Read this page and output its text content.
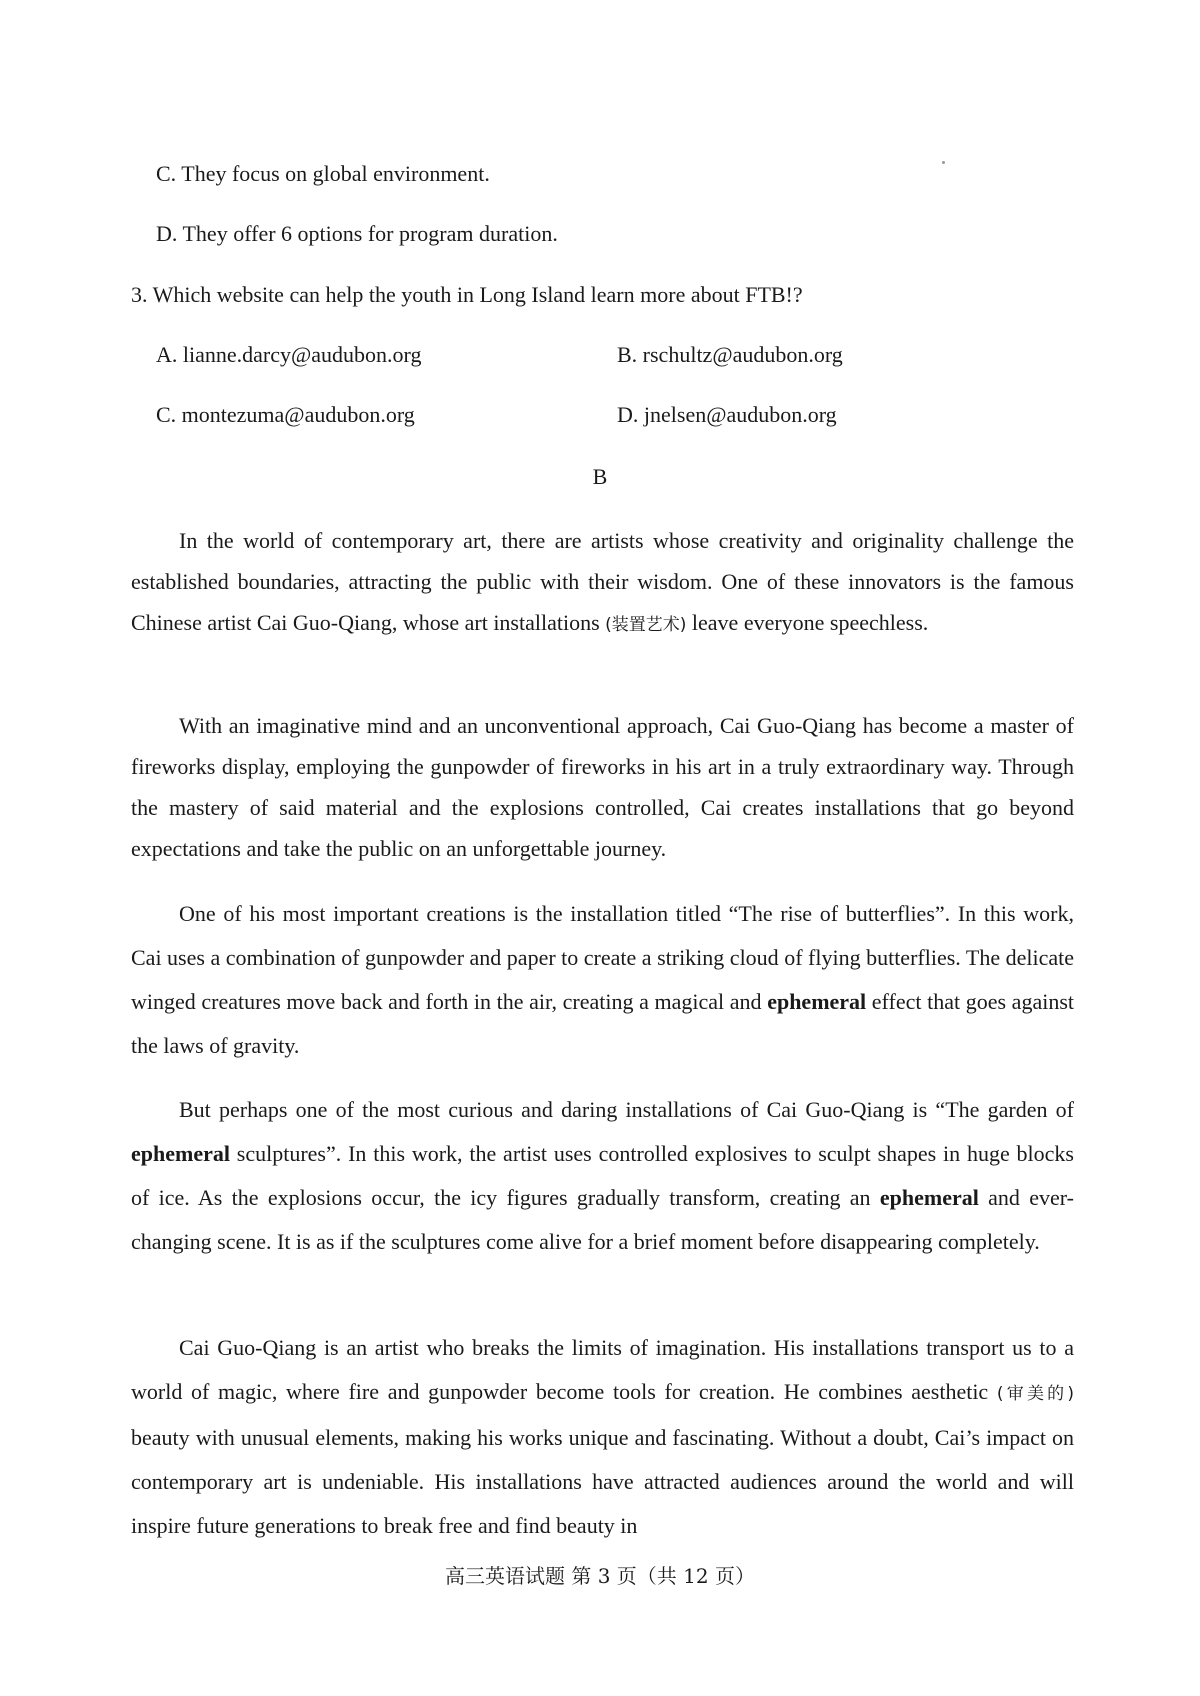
C. They focus on global environment.
D. They offer 6 options for program duration.
3. Which website can help the youth in Long Island learn more about FTB!?
A. lianne.darcy@audubon.org	B. rschultz@audubon.org
C. montezuma@audubon.org	D. jnelsen@audubon.org
B

In the world of contemporary art, there are artists whose creativity and originality challenge the established boundaries, attracting the public with their wisdom. One of these innovators is the famous Chinese artist Cai Guo-Qiang, whose art installations (装置艺术) leave everyone speechless.

With an imaginative mind and an unconventional approach, Cai Guo-Qiang has become a master of fireworks display, employing the gunpowder of fireworks in his art in a truly extraordinary way. Through the mastery of said material and the explosions controlled, Cai creates installations that go beyond expectations and take the public on an unforgettable journey.

One of his most important creations is the installation titled “The rise of butterflies”. In this work, Cai uses a combination of gunpowder and paper to create a striking cloud of flying butterflies. The delicate winged creatures move back and forth in the air, creating a magical and ephemeral effect that goes against the laws of gravity.

But perhaps one of the most curious and daring installations of Cai Guo-Qiang is “The garden of ephemeral sculptures”. In this work, the artist uses controlled explosives to sculpt shapes in huge blocks of ice. As the explosions occur, the icy figures gradually transform, creating an ephemeral and ever-changing scene. It is as if the sculptures come alive for a brief moment before disappearing completely.

Cai Guo-Qiang is an artist who breaks the limits of imagination. His installations transport us to a world of magic, where fire and gunpowder become tools for creation. He combines aesthetic (审美的) beauty with unusual elements, making his works unique and fascinating. Without a doubt, Cai’s impact on contemporary art is undeniable. His installations have attracted audiences around the world and will inspire future generations to break free and find beauty in

高三英语试题 第 3 页（共 12 页）
